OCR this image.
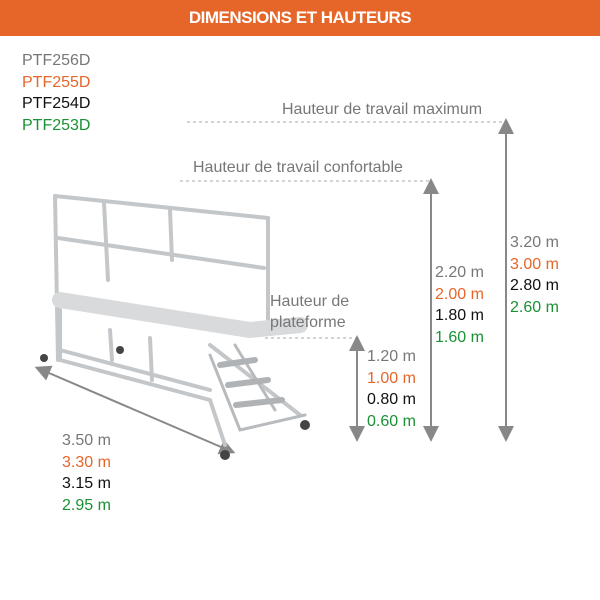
DIMENSIONS ET HAUTEURS
PTF256D
PTF255D
PTF254D
PTF253D
Hauteur de travail maximum
Hauteur de travail confortable
Hauteur de
plateforme
3.50 m
3.30 m
3.15 m
2.95 m
1.20 m
1.00 m
0.80 m
0.60 m
2.20 m
2.00 m
1.80 m
1.60 m
3.20 m
3.00 m
2.80 m
2.60 m
